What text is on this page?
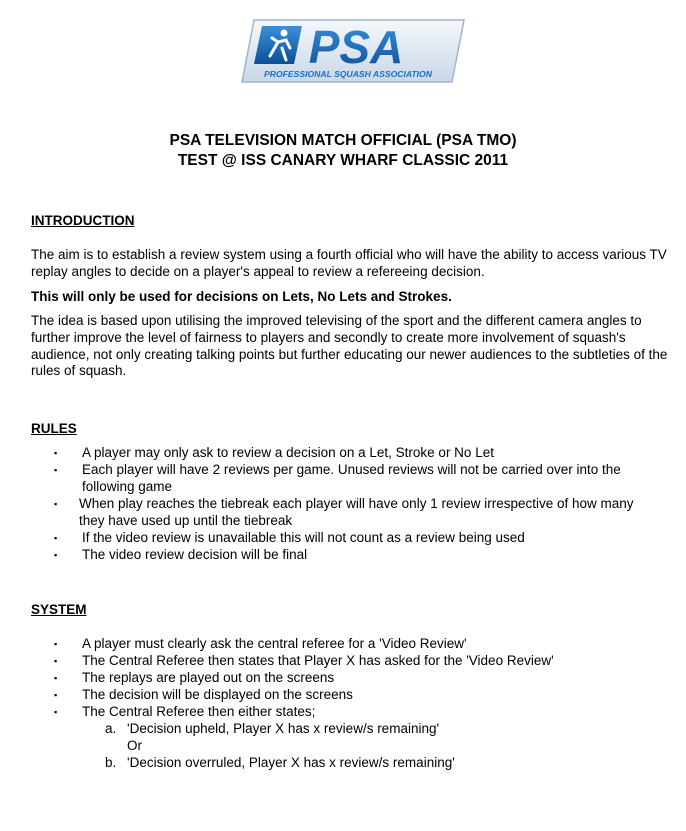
PSA
PROFESSIONAL SQUASH ASSOCIATION
PSA TELEVISION MATCH OFFICIAL (PSA TMO)
TEST @ ISS CANARY WHARF CLASSIC 2011
INTRODUCTION
The aim is to establish a review system using a fourth official who will have the ability to access various TV replay angles to decide on a player's appeal to review a refereeing decision.
This will only be used for decisions on Lets, No Lets and Strokes.
The idea is based upon utilising the improved televising of the sport and the different camera angles to further improve the level of fairness to players and secondly to create more involvement of squash's audience, not only creating talking points but further educating our newer audiences to the subtleties of the rules of squash.
RULES
▪ A player may only ask to review a decision on a Let, Stroke or No Let
▪ Each player will have 2 reviews per game. Unused reviews will not be carried over into the following game
▪ When play reaches the tiebreak each player will have only 1 review irrespective of how many they have used up until the tiebreak
▪ If the video review is unavailable this will not count as a review being used
▪ The video review decision will be final
SYSTEM
▪ A player must clearly ask the central referee for a 'Video Review'
▪ The Central Referee then states that Player X has asked for the 'Video Review'
▪ The replays are played out on the screens
▪ The decision will be displayed on the screens
▪ The Central Referee then either states;
a. 'Decision upheld, Player X has x review/s remaining'
Or
b. 'Decision overruled, Player X has x review/s remaining'
